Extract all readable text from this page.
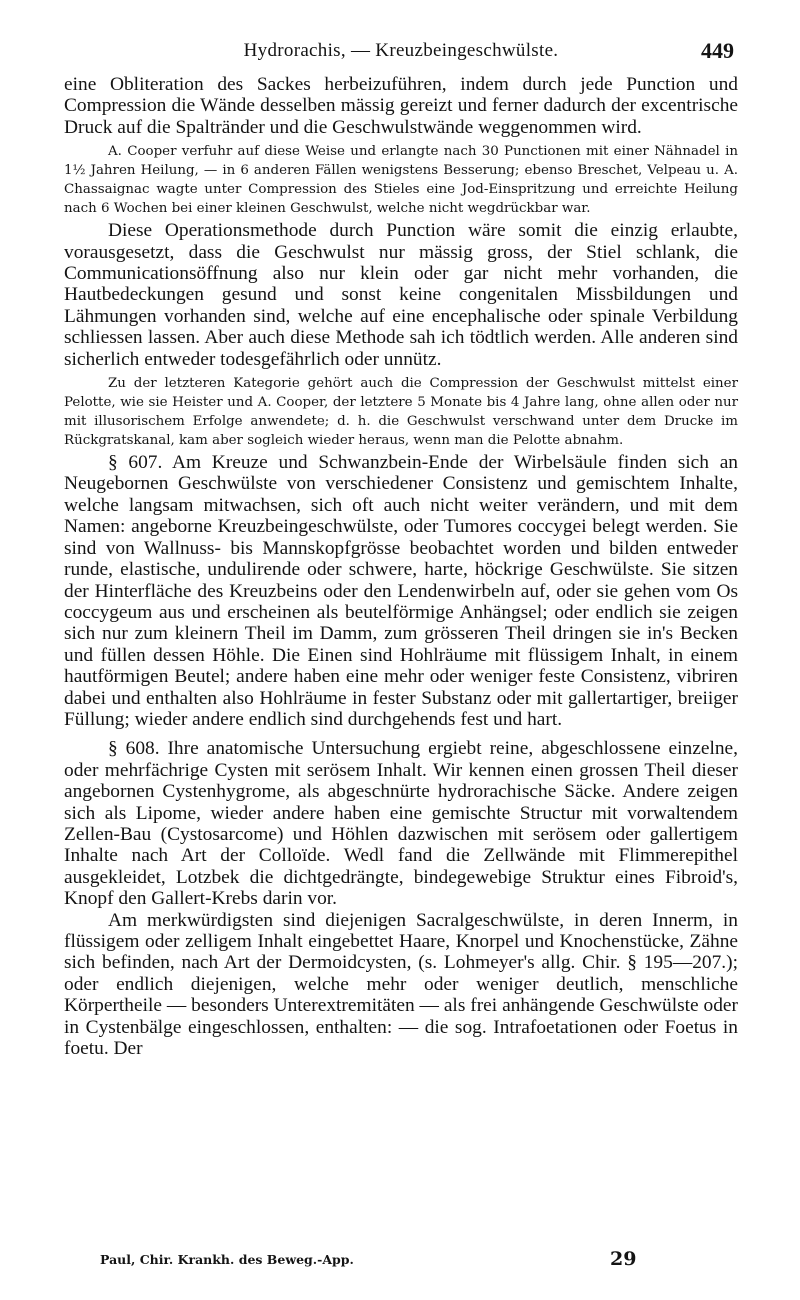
Hydrorachis, — Kreuzbeingeschwülste.	449

eine Obliteration des Sackes herbeizuführen, indem durch jede Punction und Compression die Wände desselben mässig gereizt und ferner dadurch der excentrische Druck auf die Spaltränder und die Geschwulstwände weggenommen wird.

A. Cooper verfuhr auf diese Weise und erlangte nach 30 Punctionen mit einer Nähnadel in 1½ Jahren Heilung, — in 6 anderen Fällen wenigstens Besserung; ebenso Breschet, Velpeau u. A. Chassaignac wagte unter Compression des Stieles eine Jod-Einspritzung und erreichte Heilung nach 6 Wochen bei einer kleinen Geschwulst, welche nicht wegdrückbar war.

Diese Operationsmethode durch Punction wäre somit die einzig erlaubte, vorausgesetzt, dass die Geschwulst nur mässig gross, der Stiel schlank, die Communicationsöffnung also nur klein oder gar nicht mehr vorhanden, die Hautbedeckungen gesund und sonst keine congenitalen Missbildungen und Lähmungen vorhanden sind, welche auf eine encephalische oder spinale Verbildung schliessen lassen. Aber auch diese Methode sah ich tödtlich werden. Alle anderen sind sicherlich entweder todesgefährlich oder unnütz.

Zu der letzteren Kategorie gehört auch die Compression der Geschwulst mittelst einer Pelotte, wie sie Heister und A. Cooper, der letztere 5 Monate bis 4 Jahre lang, ohne allen oder nur mit illusorischem Erfolge anwendete; d. h. die Geschwulst verschwand unter dem Drucke im Rückgratskanal, kam aber sogleich wieder heraus, wenn man die Pelotte abnahm.

§ 607. Am Kreuze und Schwanzbein-Ende der Wirbelsäule finden sich an Neugebornen Geschwülste von verschiedener Consistenz und gemischtem Inhalte, welche langsam mitwachsen, sich oft auch nicht weiter verändern, und mit dem Namen: angeborne Kreuzbeingeschwülste, oder Tumores coccygei belegt werden. Sie sind von Wallnuss- bis Mannskopfgrösse beobachtet worden und bilden entweder runde, elastische, undulirende oder schwere, harte, höckrige Geschwülste. Sie sitzen der Hinterfläche des Kreuzbeins oder den Lendenwirbeln auf, oder sie gehen vom Os coccygeum aus und erscheinen als beutelförmige Anhängsel; oder endlich sie zeigen sich nur zum kleinern Theil im Damm, zum grösseren Theil dringen sie in's Becken und füllen dessen Höhle. Die Einen sind Hohlräume mit flüssigem Inhalt, in einem hautförmigen Beutel; andere haben eine mehr oder weniger feste Consistenz, vibriren dabei und enthalten also Hohlräume in fester Substanz oder mit gallertartiger, breiiger Füllung; wieder andere endlich sind durchgehends fest und hart.

§ 608. Ihre anatomische Untersuchung ergiebt reine, abgeschlossene einzelne, oder mehrfächrige Cysten mit serösem Inhalt. Wir kennen einen grossen Theil dieser angebornen Cystenhygrome, als abgeschnürte hydrorachische Säcke. Andere zeigen sich als Lipome, wieder andere haben eine gemischte Structur mit vorwaltendem Zellen-Bau (Cystosarcome) und Höhlen dazwischen mit serösem oder gallertigem Inhalte nach Art der Colloïde. Wedl fand die Zellwände mit Flimmerepithel ausgekleidet, Lotzbek die dichtgedrängte, bindegewebige Struktur eines Fibroid's, Knopf den Gallert-Krebs darin vor.

Am merkwürdigsten sind diejenigen Sacralgeschwülste, in deren Innerm, in flüssigem oder zelligem Inhalt eingebettet Haare, Knorpel und Knochenstücke, Zähne sich befinden, nach Art der Dermoidcysten, (s. Lohmeyer's allg. Chir. § 195—207.); oder endlich diejenigen, welche mehr oder weniger deutlich, menschliche Körpertheile — besonders Unterextremitäten — als frei anhängende Geschwülste oder in Cystenbälge eingeschlossen, enthalten: — die sog. Intrafoetationen oder Foetus in foetu. Der

Paul, Chir. Krankh. des Beweg.-App.	29
